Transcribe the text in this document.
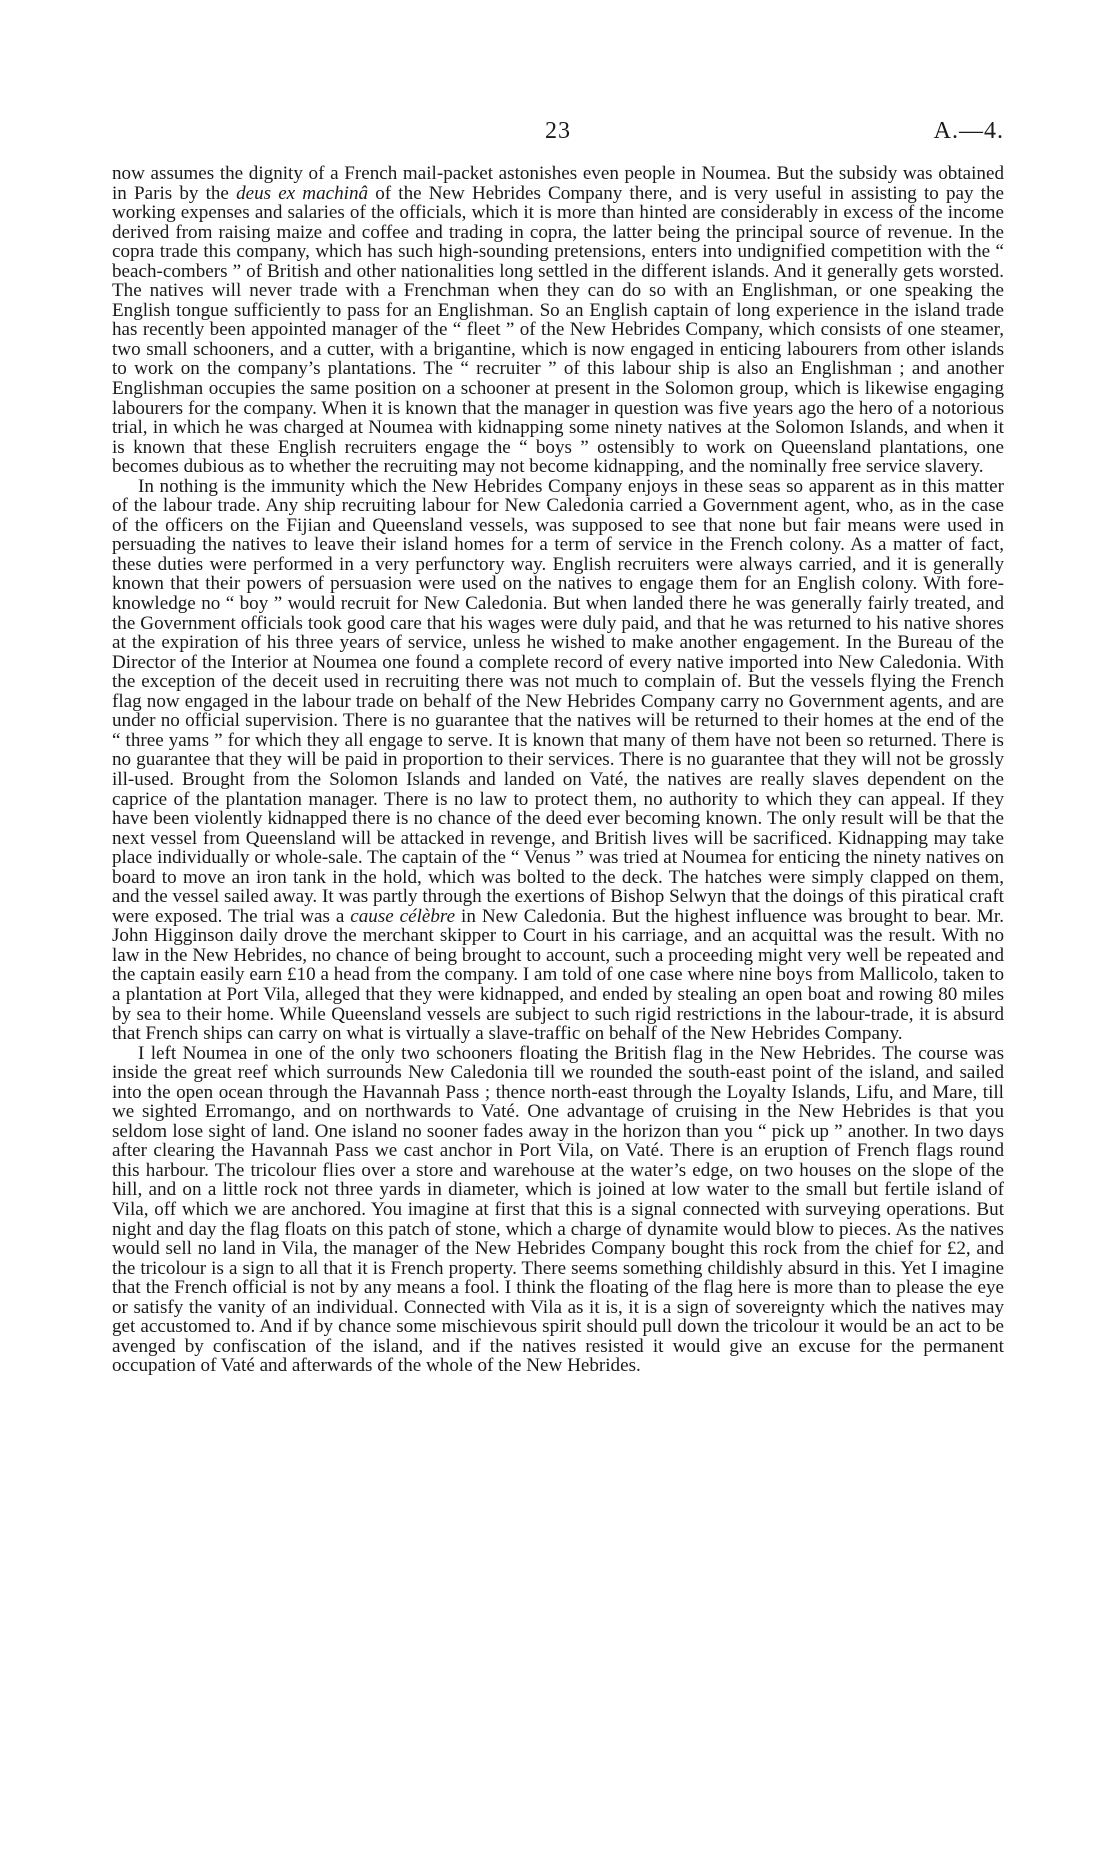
23	A.—4.

now assumes the dignity of a French mail-packet astonishes even people in Noumea. But the subsidy was obtained in Paris by the deus ex machinâ of the New Hebrides Company there, and is very useful in assisting to pay the working expenses and salaries of the officials, which it is more than hinted are considerably in excess of the income derived from raising maize and coffee and trading in copra, the latter being the principal source of revenue. In the copra trade this company, which has such high-sounding pretensions, enters into undignified competition with the “ beach-combers ” of British and other nationalities long settled in the different islands. And it generally gets worsted. The natives will never trade with a Frenchman when they can do so with an Englishman, or one speaking the English tongue sufficiently to pass for an Englishman. So an English captain of long experience in the island trade has recently been appointed manager of the “ fleet ” of the New Hebrides Company, which consists of one steamer, two small schooners, and a cutter, with a brigantine, which is now engaged in enticing labourers from other islands to work on the company’s plantations. The “ recruiter ” of this labour ship is also an Englishman ; and another Englishman occupies the same position on a schooner at present in the Solomon group, which is likewise engaging labourers for the company. When it is known that the manager in question was five years ago the hero of a notorious trial, in which he was charged at Noumea with kidnapping some ninety natives at the Solomon Islands, and when it is known that these English recruiters engage the “ boys ” ostensibly to work on Queensland plantations, one becomes dubious as to whether the recruiting may not become kidnapping, and the nominally free service slavery.

In nothing is the immunity which the New Hebrides Company enjoys in these seas so apparent as in this matter of the labour trade. Any ship recruiting labour for New Caledonia carried a Government agent, who, as in the case of the officers on the Fijian and Queensland vessels, was supposed to see that none but fair means were used in persuading the natives to leave their island homes for a term of service in the French colony. As a matter of fact, these duties were performed in a very perfunctory way. English recruiters were always carried, and it is generally known that their powers of persuasion were used on the natives to engage them for an English colony. With fore-knowledge no “ boy ” would recruit for New Caledonia. But when landed there he was generally fairly treated, and the Government officials took good care that his wages were duly paid, and that he was returned to his native shores at the expiration of his three years of service, unless he wished to make another engagement. In the Bureau of the Director of the Interior at Noumea one found a complete record of every native imported into New Caledonia. With the exception of the deceit used in recruiting there was not much to complain of. But the vessels flying the French flag now engaged in the labour trade on behalf of the New Hebrides Company carry no Government agents, and are under no official supervision. There is no guarantee that the natives will be returned to their homes at the end of the “ three yams ” for which they all engage to serve. It is known that many of them have not been so returned. There is no guarantee that they will be paid in proportion to their services. There is no guarantee that they will not be grossly ill-used. Brought from the Solomon Islands and landed on Vaté, the natives are really slaves dependent on the caprice of the plantation manager. There is no law to protect them, no authority to which they can appeal. If they have been violently kidnapped there is no chance of the deed ever becoming known. The only result will be that the next vessel from Queensland will be attacked in revenge, and British lives will be sacrificed. Kidnapping may take place individually or whole-sale. The captain of the “ Venus ” was tried at Noumea for enticing the ninety natives on board to move an iron tank in the hold, which was bolted to the deck. The hatches were simply clapped on them, and the vessel sailed away. It was partly through the exertions of Bishop Selwyn that the doings of this piratical craft were exposed. The trial was a cause célèbre in New Caledonia. But the highest influence was brought to bear. Mr. John Higginson daily drove the merchant skipper to Court in his carriage, and an acquittal was the result. With no law in the New Hebrides, no chance of being brought to account, such a proceeding might very well be repeated and the captain easily earn £10 a head from the company. I am told of one case where nine boys from Mallicolo, taken to a plantation at Port Vila, alleged that they were kidnapped, and ended by stealing an open boat and rowing 80 miles by sea to their home. While Queensland vessels are subject to such rigid restrictions in the labour-trade, it is absurd that French ships can carry on what is virtually a slave-traffic on behalf of the New Hebrides Company.

I left Noumea in one of the only two schooners floating the British flag in the New Hebrides. The course was inside the great reef which surrounds New Caledonia till we rounded the south-east point of the island, and sailed into the open ocean through the Havannah Pass ; thence north-east through the Loyalty Islands, Lifu, and Mare, till we sighted Erromango, and on northwards to Vaté. One advantage of cruising in the New Hebrides is that you seldom lose sight of land. One island no sooner fades away in the horizon than you “ pick up ” another. In two days after clearing the Havannah Pass we cast anchor in Port Vila, on Vaté. There is an eruption of French flags round this harbour. The tricolour flies over a store and warehouse at the water’s edge, on two houses on the slope of the hill, and on a little rock not three yards in diameter, which is joined at low water to the small but fertile island of Vila, off which we are anchored. You imagine at first that this is a signal connected with surveying operations. But night and day the flag floats on this patch of stone, which a charge of dynamite would blow to pieces. As the natives would sell no land in Vila, the manager of the New Hebrides Company bought this rock from the chief for £2, and the tricolour is a sign to all that it is French property. There seems something childishly absurd in this. Yet I imagine that the French official is not by any means a fool. I think the floating of the flag here is more than to please the eye or satisfy the vanity of an individual. Connected with Vila as it is, it is a sign of sovereignty which the natives may get accustomed to. And if by chance some mischievous spirit should pull down the tricolour it would be an act to be avenged by confiscation of the island, and if the natives resisted it would give an excuse for the permanent occupation of Vaté and afterwards of the whole of the New Hebrides.
